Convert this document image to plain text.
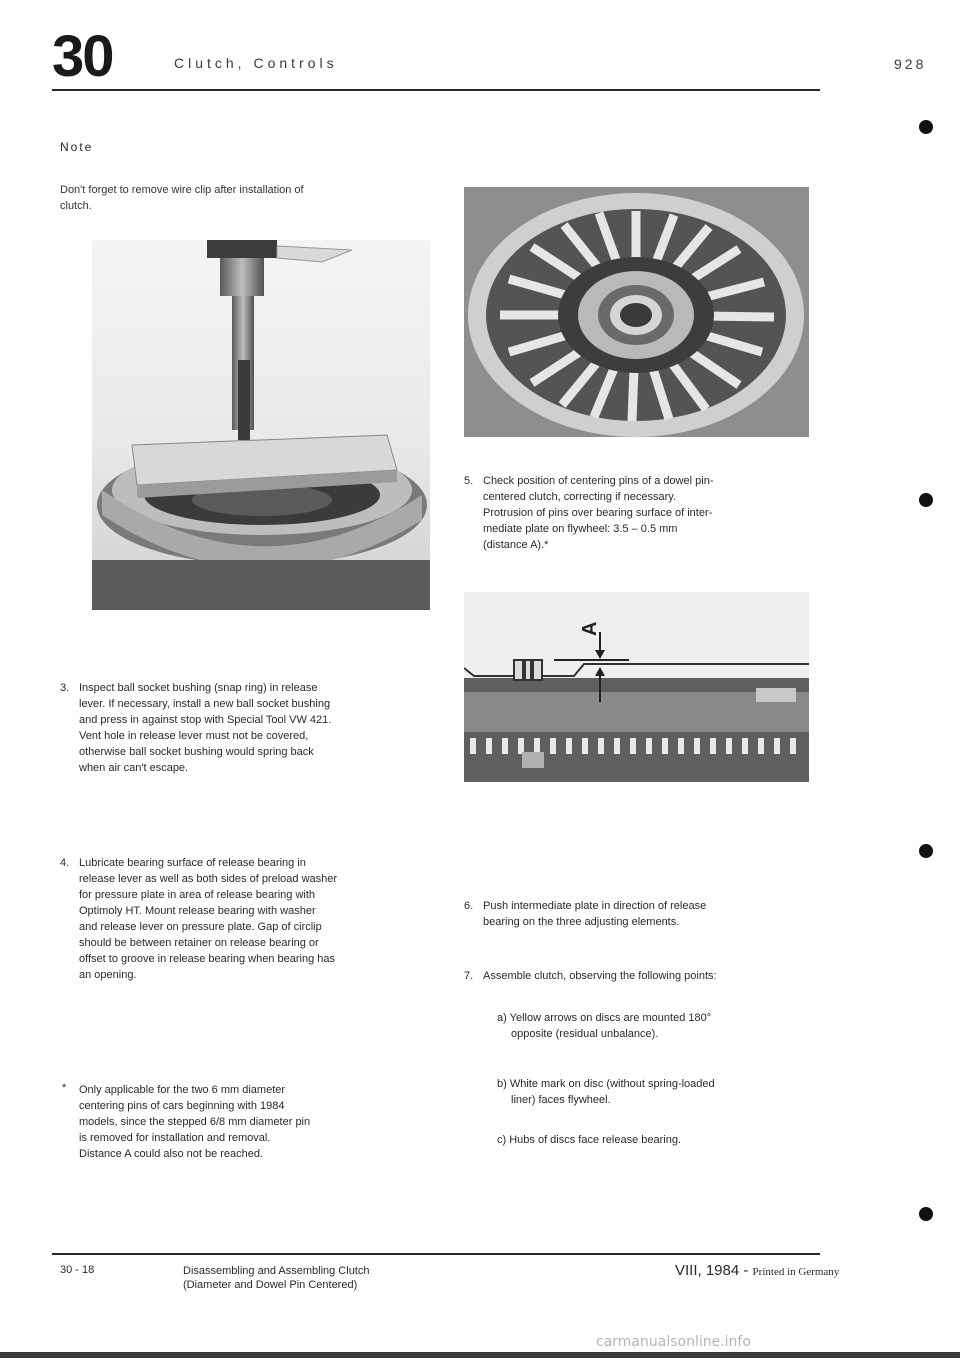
30	Clutch, Controls	928
Note
Don't forget to remove wire clip after installation of
clutch.
5. Check position of centering pins of a dowel pin-
centered clutch, correcting if necessary.
Protrusion of pins over bearing surface of inter-
mediate plate on flywheel: 3.5 – 0.5 mm
(distance A).*
A
3. Inspect ball socket bushing (snap ring) in release
lever. If necessary, install a new ball socket bushing
and press in against stop with Special Tool VW 421.
Vent hole in release lever must not be covered,
otherwise ball socket bushing would spring back
when air can't escape.
4. Lubricate bearing surface of release bearing in
release lever as well as both sides of preload washer
for pressure plate in area of release bearing with
Optimoly HT. Mount release bearing with washer
and release lever on pressure plate. Gap of circlip
should be between retainer on release bearing or
offset to groove in release bearing when bearing has
an opening.
* Only applicable for the two 6 mm diameter
centering pins of cars beginning with 1984
models, since the stepped 6/8 mm diameter pin
is removed for installation and removal.
Distance A could also not be reached.
6. Push intermediate plate in direction of release
bearing on the three adjusting elements.
7. Assemble clutch, observing the following points:
a) Yellow arrows on discs are mounted 180°
opposite (residual unbalance).
b) White mark on disc (without spring-loaded
liner) faces flywheel.
c) Hubs of discs face release bearing.
30 - 18	Disassembling and Assembling Clutch
(Diameter and Dowel Pin Centered)
VIII, 1984 - Printed in Germany
carmanualsonline.info
